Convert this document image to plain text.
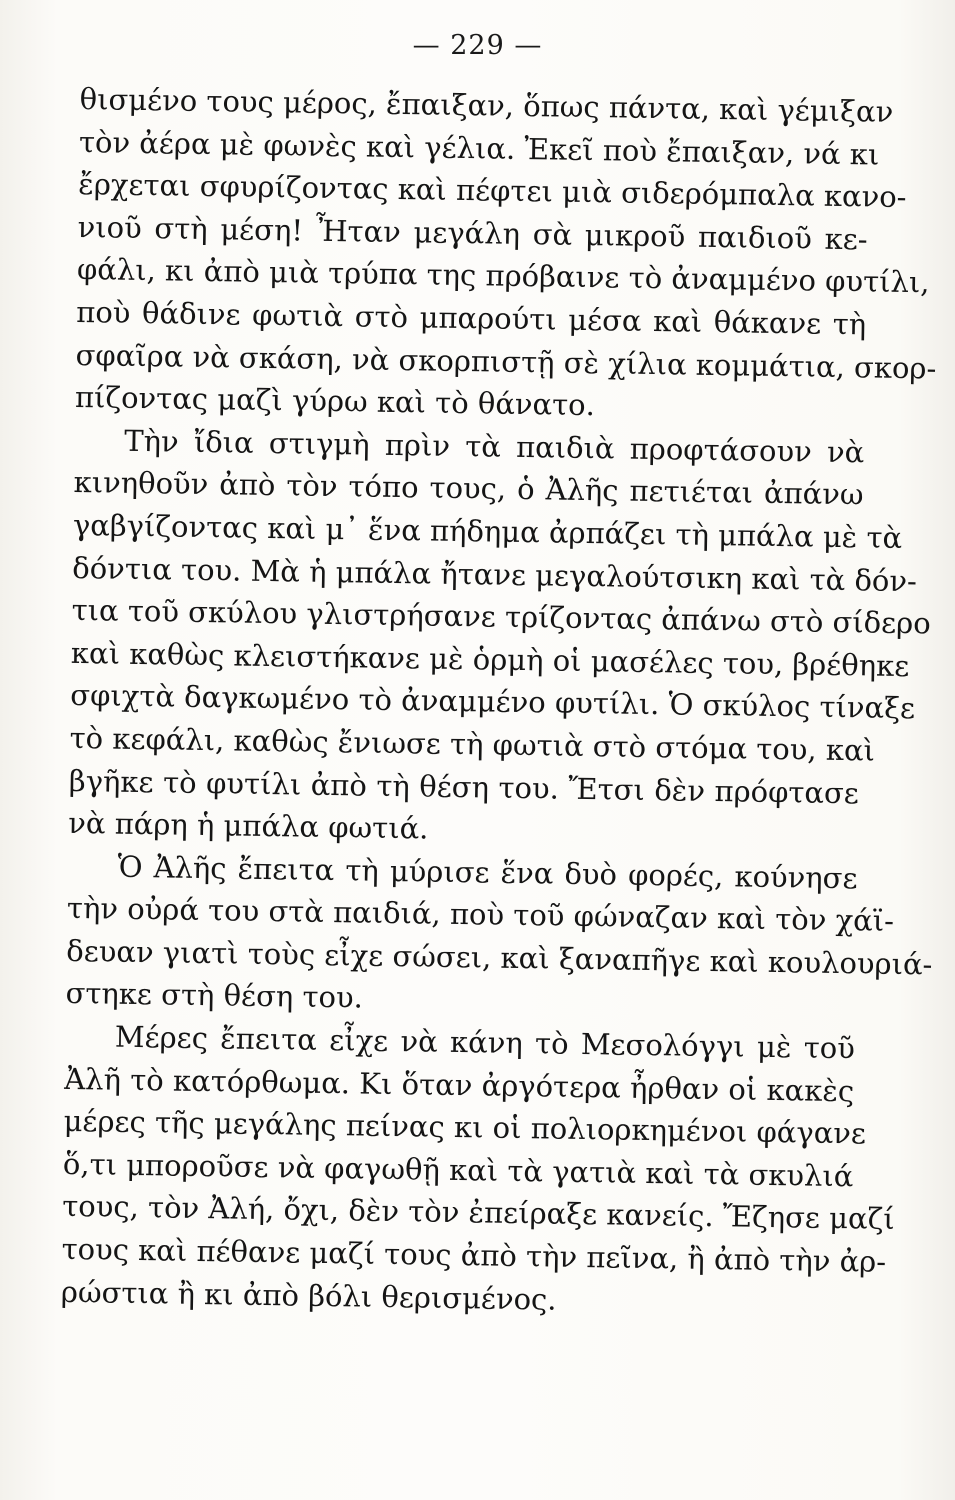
— 229 —

θισμένο τους μέρος, ἔπαιξαν, ὅπως πάντα, καὶ γέμιξαν
τὸν ἀέρα μὲ φωνὲς καὶ γέλια. Ἐκεῖ ποὺ ἔπαιξαν, νά κι
ἔρχεται σφυρίζοντας καὶ πέφτει μιὰ σιδερόμπαλα κανο-
νιοῦ στὴ μέση! Ἦταν μεγάλη σὰ μικροῦ παιδιοῦ κε-
φάλι, κι ἀπὸ μιὰ τρύπα της πρόβαινε τὸ ἀναμμένο φυτίλι,
ποὺ θάδινε φωτιὰ στὸ μπαρούτι μέσα καὶ θάκανε τὴ
σφαῖρα νὰ σκάση, νὰ σκορπιστῇ σὲ χίλια κομμάτια, σκορ-
πίζοντας μαζὶ γύρω καὶ τὸ θάνατο.

Τὴν ἴδια στιγμὴ πρὶν τὰ παιδιὰ προφτάσουν νὰ
κινηθοῦν ἀπὸ τὸν τόπο τους, ὁ Ἀλῆς πετιέται ἀπάνω
γαβγίζοντας καὶ μ᾽ ἕνα πήδημα ἀρπάζει τὴ μπάλα μὲ τὰ
δόντια του. Μὰ ἡ μπάλα ἤτανε μεγαλούτσικη καὶ τὰ δόν-
τια τοῦ σκύλου γλιστρήσανε τρίζοντας ἀπάνω στὸ σίδερο
καὶ καθὼς κλειστήκανε μὲ ὁρμὴ οἱ μασέλες του, βρέθηκε
σφιχτὰ δαγκωμένο τὸ ἀναμμένο φυτίλι. Ὁ σκύλος τίναξε
τὸ κεφάλι, καθὼς ἔνιωσε τὴ φωτιὰ στὸ στόμα του, καὶ
βγῆκε τὸ φυτίλι ἀπὸ τὴ θέση του. Ἔτσι δὲν πρόφτασε
νὰ πάρη ἡ μπάλα φωτιά.

Ὁ Ἀλῆς ἔπειτα τὴ μύρισε ἕνα δυὸ φορές, κούνησε
τὴν οὐρά του στὰ παιδιά, ποὺ τοῦ φώναζαν καὶ τὸν χάϊ-
δευαν γιατὶ τοὺς εἶχε σώσει, καὶ ξαναπῆγε καὶ κουλουριά-
στηκε στὴ θέση του.

Μέρες ἔπειτα εἶχε νὰ κάνη τὸ Μεσολόγγι μὲ τοῦ
Ἀλῆ τὸ κατόρθωμα. Κι ὅταν ἀργότερα ἦρθαν οἱ κακὲς
μέρες τῆς μεγάλης πείνας κι οἱ πολιορκημένοι φάγανε
ὅ,τι μποροῦσε νὰ φαγωθῇ καὶ τὰ γατιὰ καὶ τὰ σκυλιά
τους, τὸν Ἀλή, ὄχι, δὲν τὸν ἐπείραξε κανείς. Ἔζησε μαζί
τους καὶ πέθανε μαζί τους ἀπὸ τὴν πεῖνα, ἢ ἀπὸ τὴν ἀρ-
ρώστια ἢ κι ἀπὸ βόλι θερισμένος.
